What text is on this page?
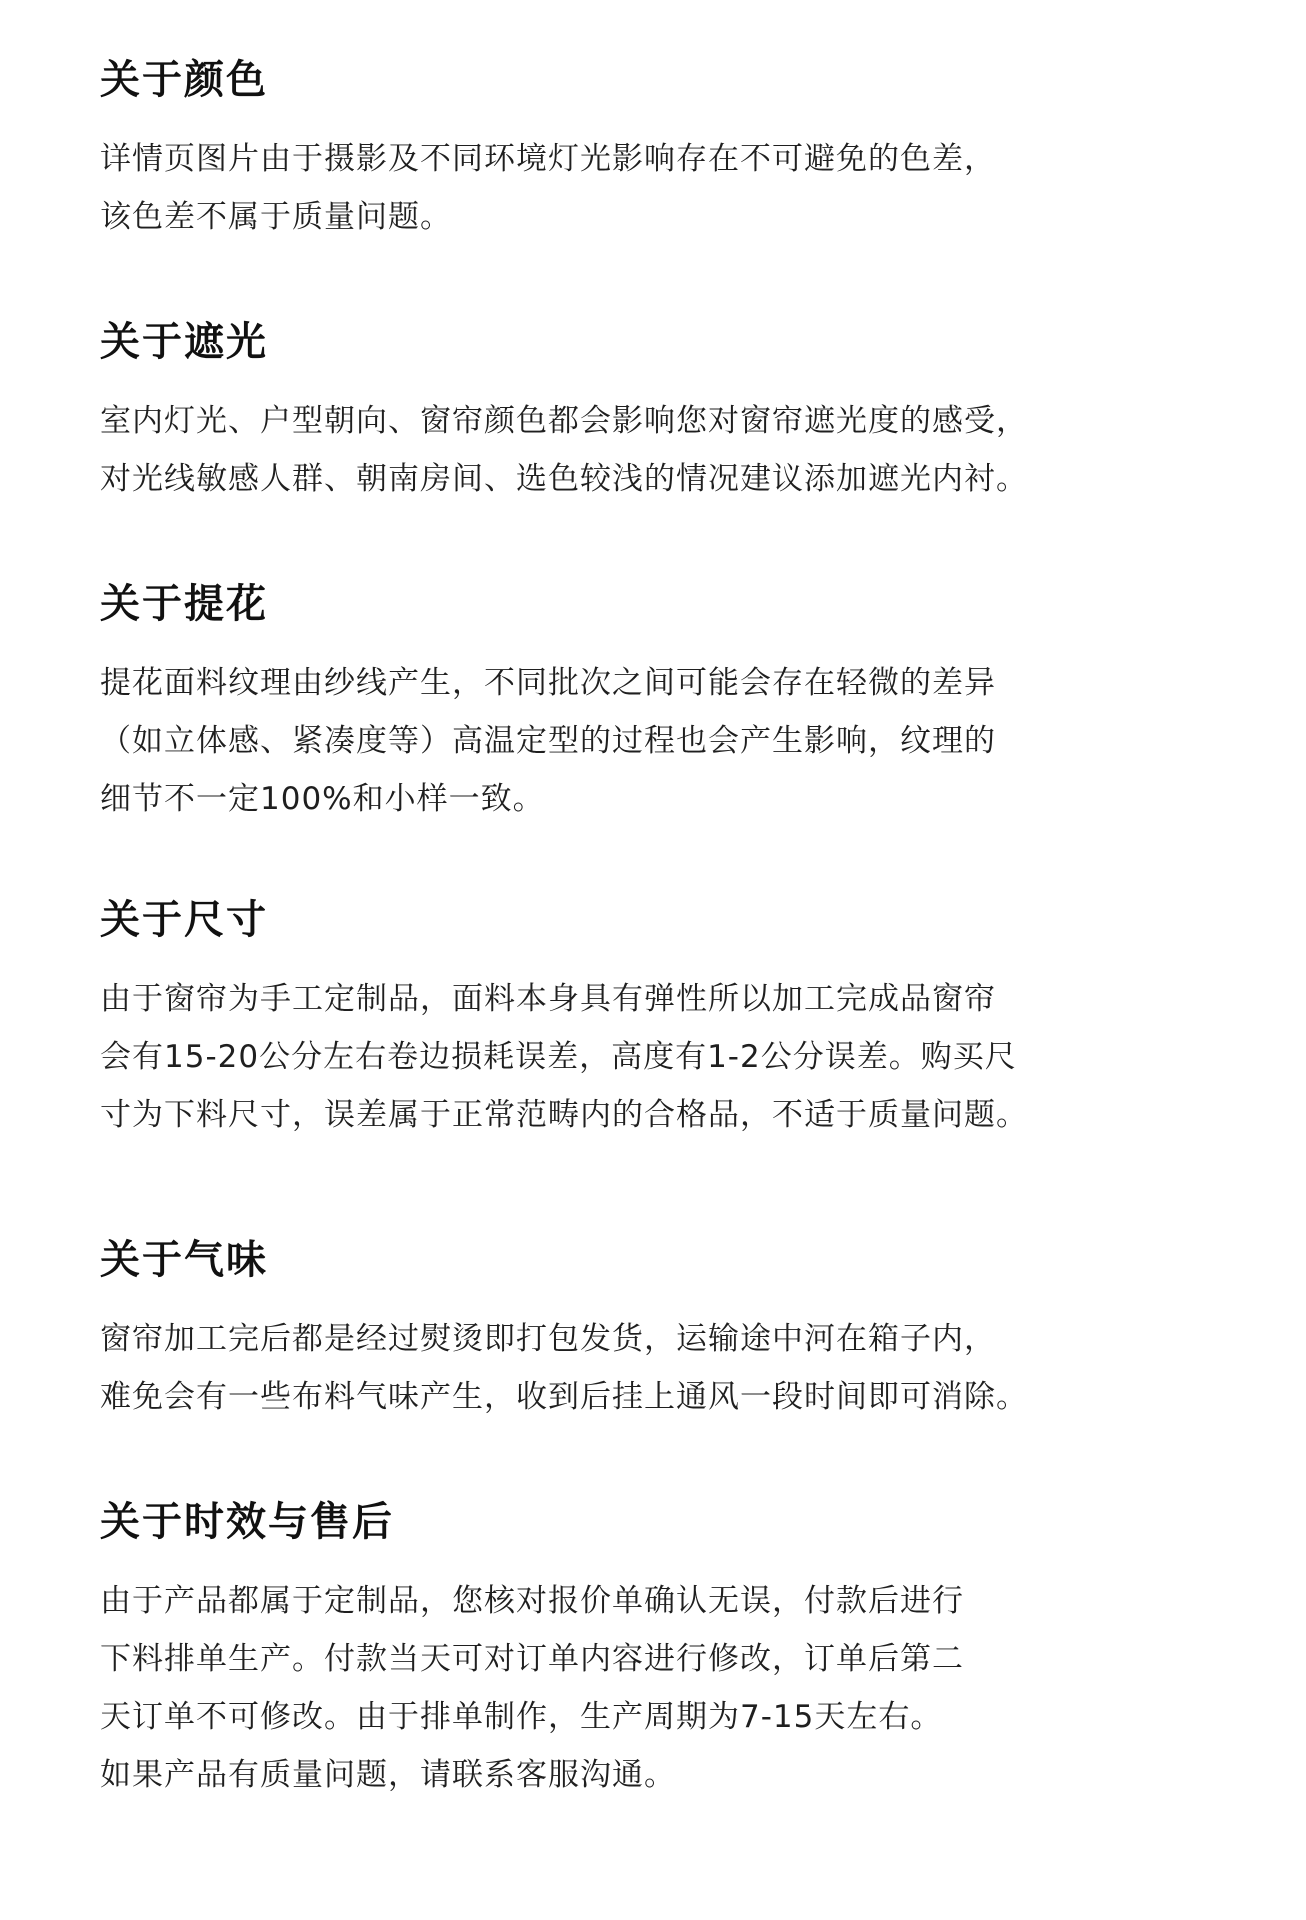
关于颜色
详情页图片由于摄影及不同环境灯光影响存在不可避免的色差，
该色差不属于质量问题。
关于遮光
室内灯光、户型朝向、窗帘颜色都会影响您对窗帘遮光度的感受，
对光线敏感人群、朝南房间、选色较浅的情况建议添加遮光内衬。
关于提花
提花面料纹理由纱线产生，不同批次之间可能会存在轻微的差异
（如立体感、紧凑度等）高温定型的过程也会产生影响，纹理的
细节不一定100%和小样一致。
关于尺寸
由于窗帘为手工定制品，面料本身具有弹性所以加工完成品窗帘
会有15-20公分左右卷边损耗误差，高度有1-2公分误差。购买尺
寸为下料尺寸，误差属于正常范畴内的合格品，不适于质量问题。
关于气味
窗帘加工完后都是经过熨烫即打包发货，运输途中河在箱子内，
难免会有一些布料气味产生，收到后挂上通风一段时间即可消除。
关于时效与售后
由于产品都属于定制品，您核对报价单确认无误，付款后进行
下料排单生产。付款当天可对订单内容进行修改，订单后第二
天订单不可修改。由于排单制作，生产周期为7-15天左右。
如果产品有质量问题，请联系客服沟通。
